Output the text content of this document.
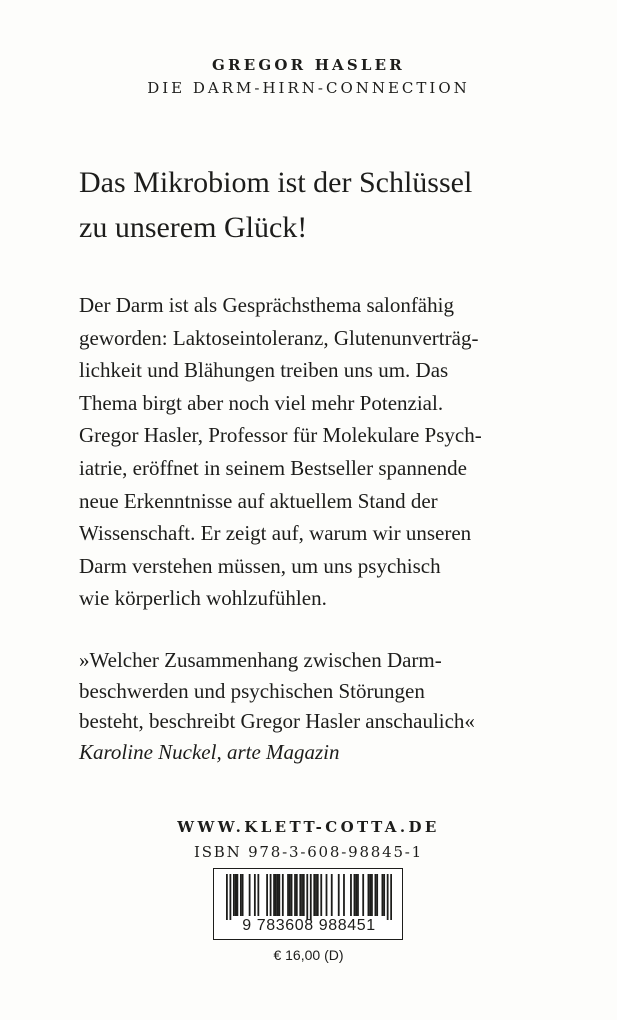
GREGOR HASLER
DIE DARM-HIRN-CONNECTION
Das Mikrobiom ist der Schlüssel
zu unserem Glück!
Der Darm ist als Gesprächsthema salonfähig
geworden: Laktoseintoleranz, Glutenunverträg-
lichkeit und Blähungen treiben uns um. Das
Thema birgt aber noch viel mehr Potenzial.
Gregor Hasler, Professor für Molekulare Psych-
iatrie, eröffnet in seinem Bestseller spannende
neue Erkenntnisse auf aktuellem Stand der
Wissenschaft. Er zeigt auf, warum wir unseren
Darm verstehen müssen, um uns psychisch
wie körperlich wohlzufühlen.
»Welcher Zusammenhang zwischen Darm-
beschwerden und psychischen Störungen
besteht, beschreibt Gregor Hasler anschaulich«
Karoline Nuckel, arte Magazin
WWW.KLETT-COTTA.DE
ISBN 978-3-608-98845-1
9 783608 988451
€ 16,00 (D)
